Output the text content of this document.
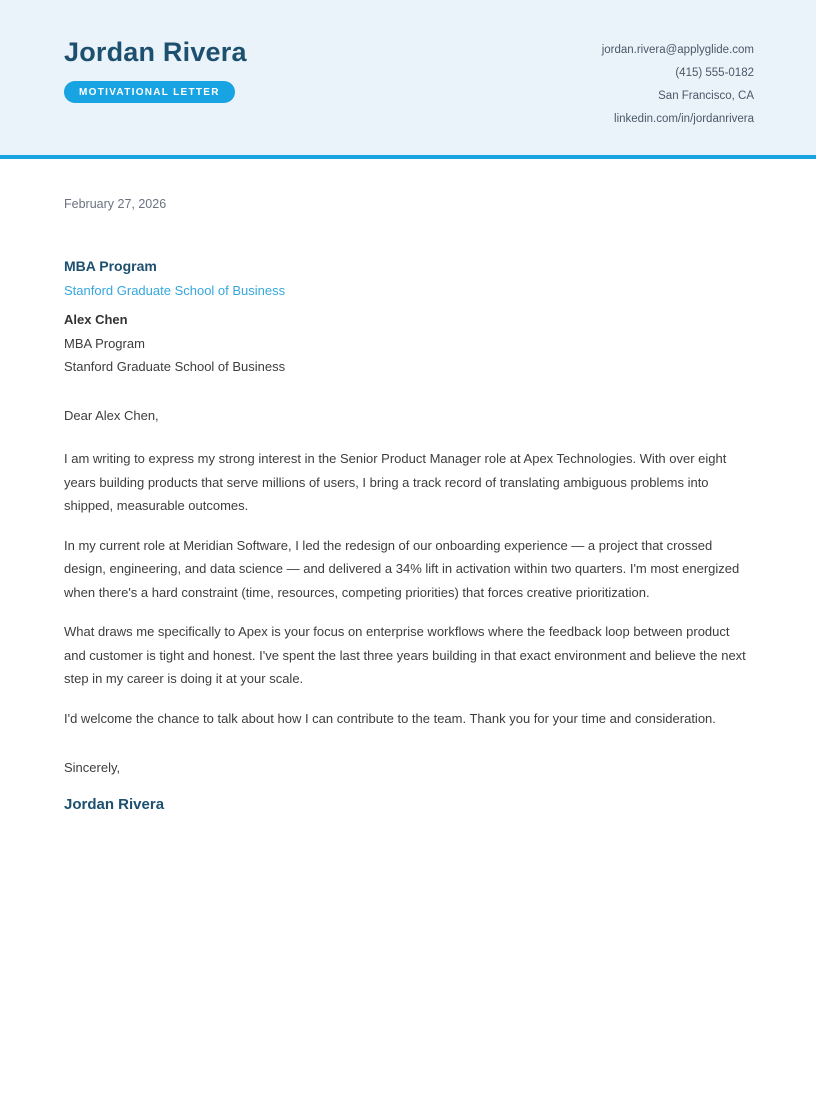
Jordan Rivera
MOTIVATIONAL LETTER
jordan.rivera@applyglide.com
(415) 555-0182
San Francisco, CA
linkedin.com/in/jordanrivera
February 27, 2026
MBA Program
Stanford Graduate School of Business
Alex Chen
MBA Program
Stanford Graduate School of Business

Dear Alex Chen,

I am writing to express my strong interest in the Senior Product Manager role at Apex Technologies. With over eight years building products that serve millions of users, I bring a track record of translating ambiguous problems into shipped, measurable outcomes.

In my current role at Meridian Software, I led the redesign of our onboarding experience — a project that crossed design, engineering, and data science — and delivered a 34% lift in activation within two quarters. I'm most energized when there's a hard constraint (time, resources, competing priorities) that forces creative prioritization.

What draws me specifically to Apex is your focus on enterprise workflows where the feedback loop between product and customer is tight and honest. I've spent the last three years building in that exact environment and believe the next step in my career is doing it at your scale.

I'd welcome the chance to talk about how I can contribute to the team. Thank you for your time and consideration.

Sincerely,

Jordan Rivera
